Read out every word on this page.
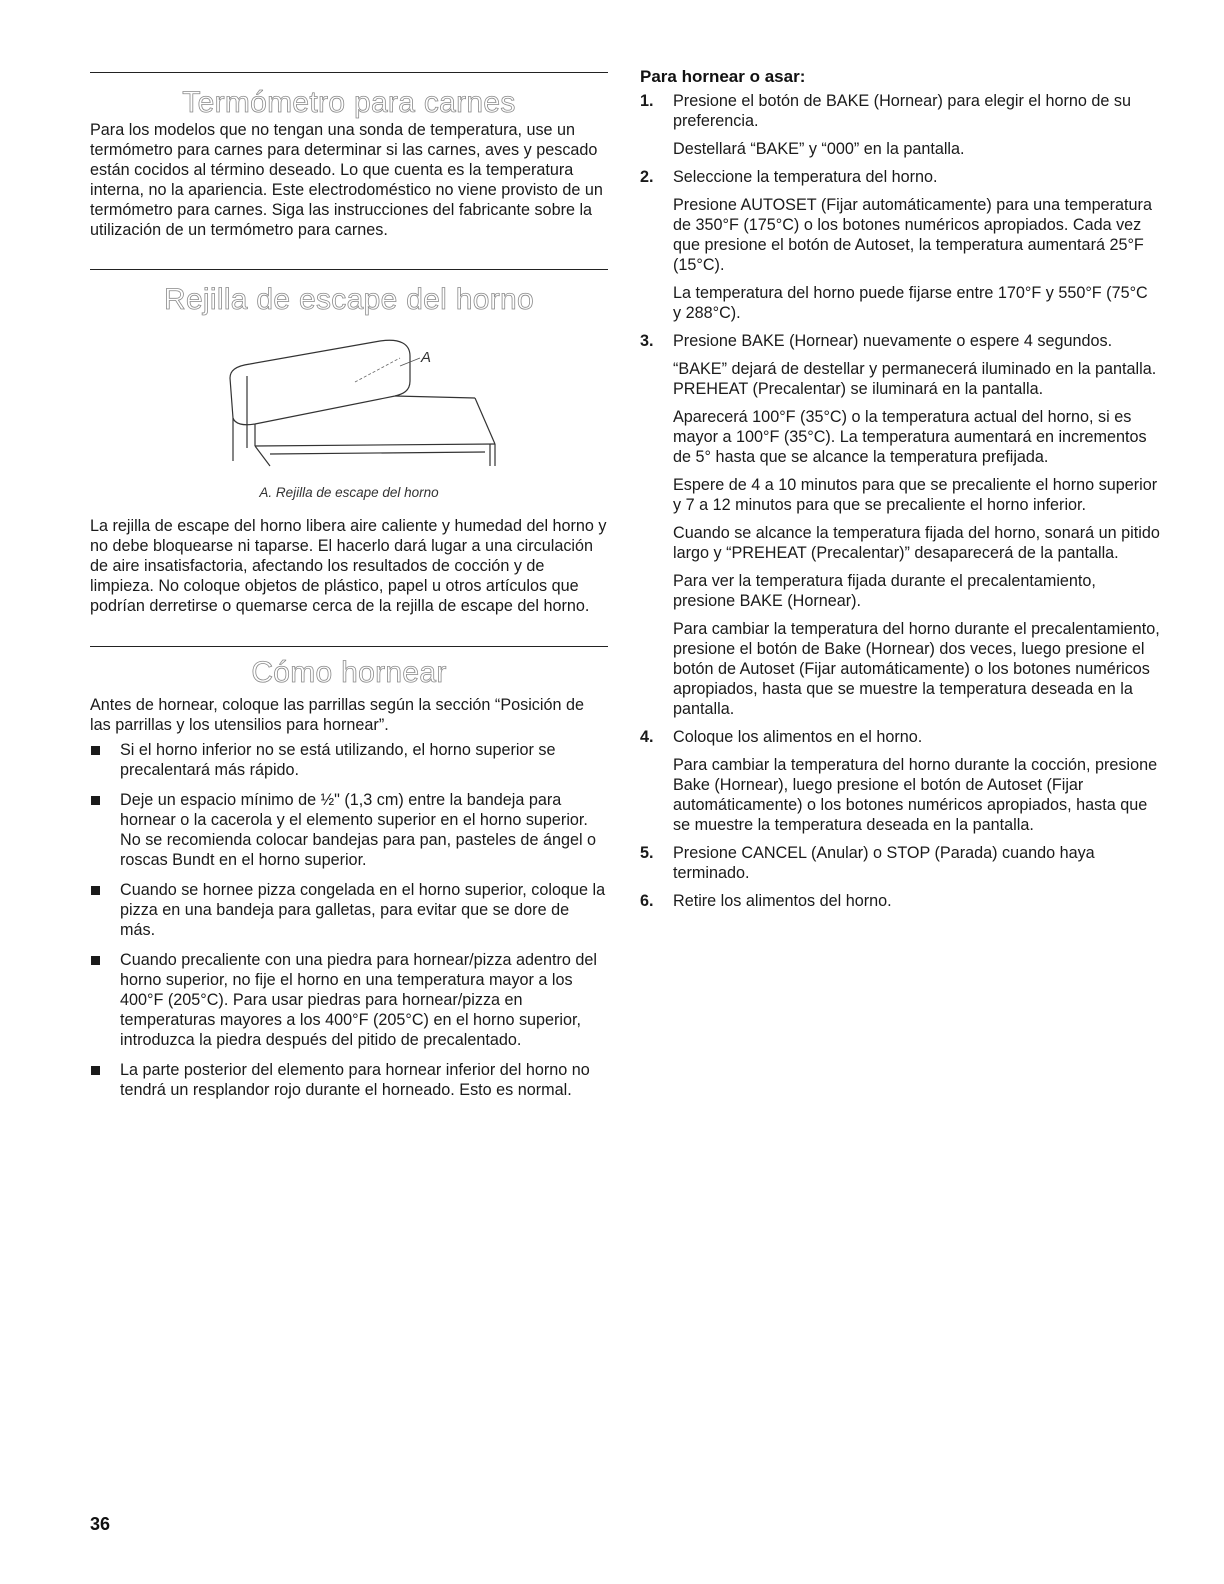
Termómetro para carnes

Para los modelos que no tengan una sonda de temperatura, use un termómetro para carnes para determinar si las carnes, aves y pescado están cocidos al término deseado. Lo que cuenta es la temperatura interna, no la apariencia. Este electrodoméstico no viene provisto de un termómetro para carnes. Siga las instrucciones del fabricante sobre la utilización de un termómetro para carnes.

Rejilla de escape del horno
A

A. Rejilla de escape del horno

La rejilla de escape del horno libera aire caliente y humedad del horno y no debe bloquearse ni taparse. El hacerlo dará lugar a una circulación de aire insatisfactoria, afectando los resultados de cocción y de limpieza. No coloque objetos de plástico, papel u otros artículos que podrían derretirse o quemarse cerca de la rejilla de escape del horno.

Cómo hornear

Antes de hornear, coloque las parrillas según la sección “Posición de las parrillas y los utensilios para hornear”.

Si el horno inferior no se está utilizando, el horno superior se precalentará más rápido.
Deje un espacio mínimo de ½" (1,3 cm) entre la bandeja para hornear o la cacerola y el elemento superior en el horno superior. No se recomienda colocar bandejas para pan, pasteles de ángel o roscas Bundt en el horno superior.
Cuando se hornee pizza congelada en el horno superior, coloque la pizza en una bandeja para galletas, para evitar que se dore de más.
Cuando precaliente con una piedra para hornear/pizza adentro del horno superior, no fije el horno en una temperatura mayor a los 400°F (205°C). Para usar piedras para hornear/pizza en temperaturas mayores a los 400°F (205°C) en el horno superior, introduzca la piedra después del pitido de precalentado.
La parte posterior del elemento para hornear inferior del horno no tendrá un resplandor rojo durante el horneado. Esto es normal.
Para hornear o asar:
1. Presione el botón de BAKE (Hornear) para elegir el horno de su preferencia.

Destellará “BAKE” y “000” en la pantalla.

2. Seleccione la temperatura del horno.

Presione AUTOSET (Fijar automáticamente) para una temperatura de 350°F (175°C) o los botones numéricos apropiados. Cada vez que presione el botón de Autoset, la temperatura aumentará 25°F (15°C).

La temperatura del horno puede fijarse entre 170°F y 550°F (75°C y 288°C).

3. Presione BAKE (Hornear) nuevamente o espere 4 segundos.

“BAKE” dejará de destellar y permanecerá iluminado en la pantalla. PREHEAT (Precalentar) se iluminará en la pantalla.

Aparecerá 100°F (35°C) o la temperatura actual del horno, si es mayor a 100°F (35°C). La temperatura aumentará en incrementos de 5° hasta que se alcance la temperatura prefijada.

Espere de 4 a 10 minutos para que se precaliente el horno superior y 7 a 12 minutos para que se precaliente el horno inferior.

Cuando se alcance la temperatura fijada del horno, sonará un pitido largo y “PREHEAT (Precalentar)” desaparecerá de la pantalla.

Para ver la temperatura fijada durante el precalentamiento, presione BAKE (Hornear).

Para cambiar la temperatura del horno durante el precalentamiento, presione el botón de Bake (Hornear) dos veces, luego presione el botón de Autoset (Fijar automáticamente) o los botones numéricos apropiados, hasta que se muestre la temperatura deseada en la pantalla.

4. Coloque los alimentos en el horno.

Para cambiar la temperatura del horno durante la cocción, presione Bake (Hornear), luego presione el botón de Autoset (Fijar automáticamente) o los botones numéricos apropiados, hasta que se muestre la temperatura deseada en la pantalla.

5. Presione CANCEL (Anular) o STOP (Parada) cuando haya terminado.

6. Retire los alimentos del horno.

36
